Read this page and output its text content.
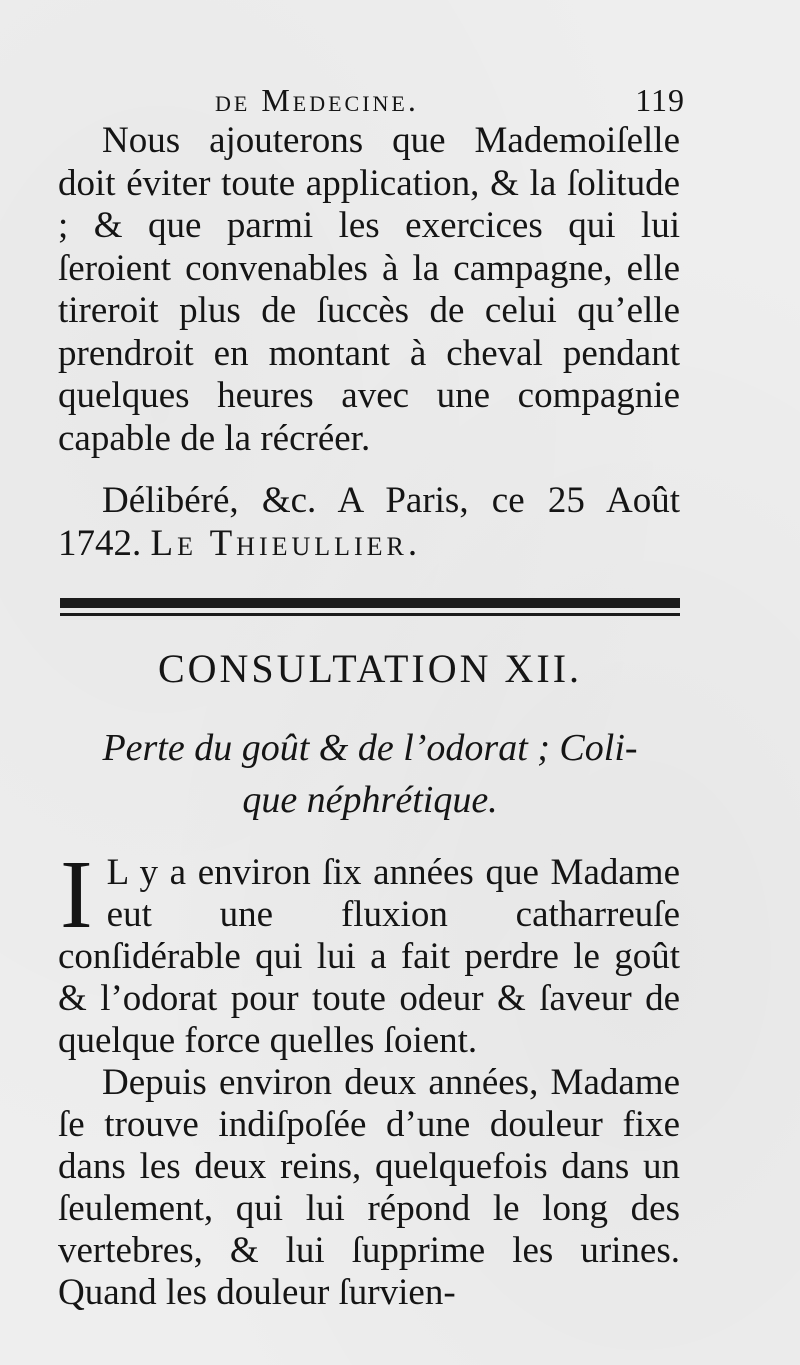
de Medecine.	119

Nous ajouterons que Mademoiſelle doit éviter toute application, & la ſolitude ; & que parmi les exercices qui lui ſeroient convenables à la campagne, elle tireroit plus de ſuccès de celui qu’elle prendroit en montant à cheval pendant quelques heures avec une compagnie capable de la récréer.

Délibéré, &c. A Paris, ce 25 Août 1742. Le Thieullier.

CONSULTATION XII.

Perte du goût & de l’odorat ; Coli-

que néphrétique.

I L y a environ ſix années que Madame eut une fluxion catharreuſe conſidérable qui lui a fait perdre le goût & l’odorat pour toute odeur & ſaveur de quelque force quelles ſoient.

Depuis environ deux années, Madame ſe trouve indiſpoſée d’une douleur fixe dans les deux reins, quelquefois dans un ſeulement, qui lui répond le long des vertebres, & lui ſupprime les urines. Quand les douleur ſurvien-
